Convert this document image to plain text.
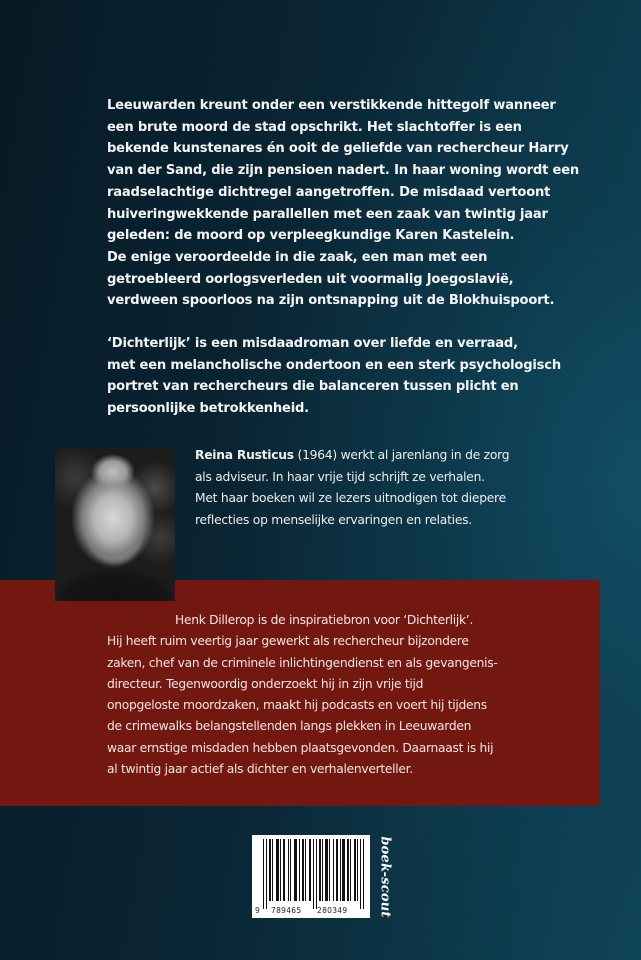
Leeuwarden kreunt onder een verstikkende hittegolf wanneer
een brute moord de stad opschrikt. Het slachtoffer is een
bekende kunstenares én ooit de geliefde van rechercheur Harry
van der Sand, die zijn pensioen nadert. In haar woning wordt een
raadselachtige dichtregel aangetroffen. De misdaad vertoont
huiveringwekkende parallellen met een zaak van twintig jaar
geleden: de moord op verpleegkundige Karen Kastelein.
De enige veroordeelde in die zaak, een man met een
getroebleerd oorlogsverleden uit voormalig Joegoslavië,
verdween spoorloos na zijn ontsnapping uit de Blokhuispoort.
‘Dichterlijk’ is een misdaadroman over liefde en verraad,
met een melancholische ondertoon en een sterk psychologisch
portret van rechercheurs die balanceren tussen plicht en
persoonlijke betrokkenheid.
Reina Rusticus (1964) werkt al jarenlang in de zorg
als adviseur. In haar vrije tijd schrijft ze verhalen.
Met haar boeken wil ze lezers uitnodigen tot diepere
reflecties op menselijke ervaringen en relaties.
Henk Dillerop is de inspiratiebron voor ‘Dichterlijk’.
Hij heeft ruim veertig jaar gewerkt als rechercheur bijzondere
zaken, chef van de criminele inlichtingendienst en als gevangenis-
directeur. Tegenwoordig onderzoekt hij in zijn vrije tijd
onopgeloste moordzaken, maakt hij podcasts en voert hij tijdens
de crimewalks belangstellenden langs plekken in Leeuwarden
waar ernstige misdaden hebben plaatsgevonden. Daarnaast is hij
al twintig jaar actief als dichter en verhalenverteller.
9 789465 280349 boek-scout
